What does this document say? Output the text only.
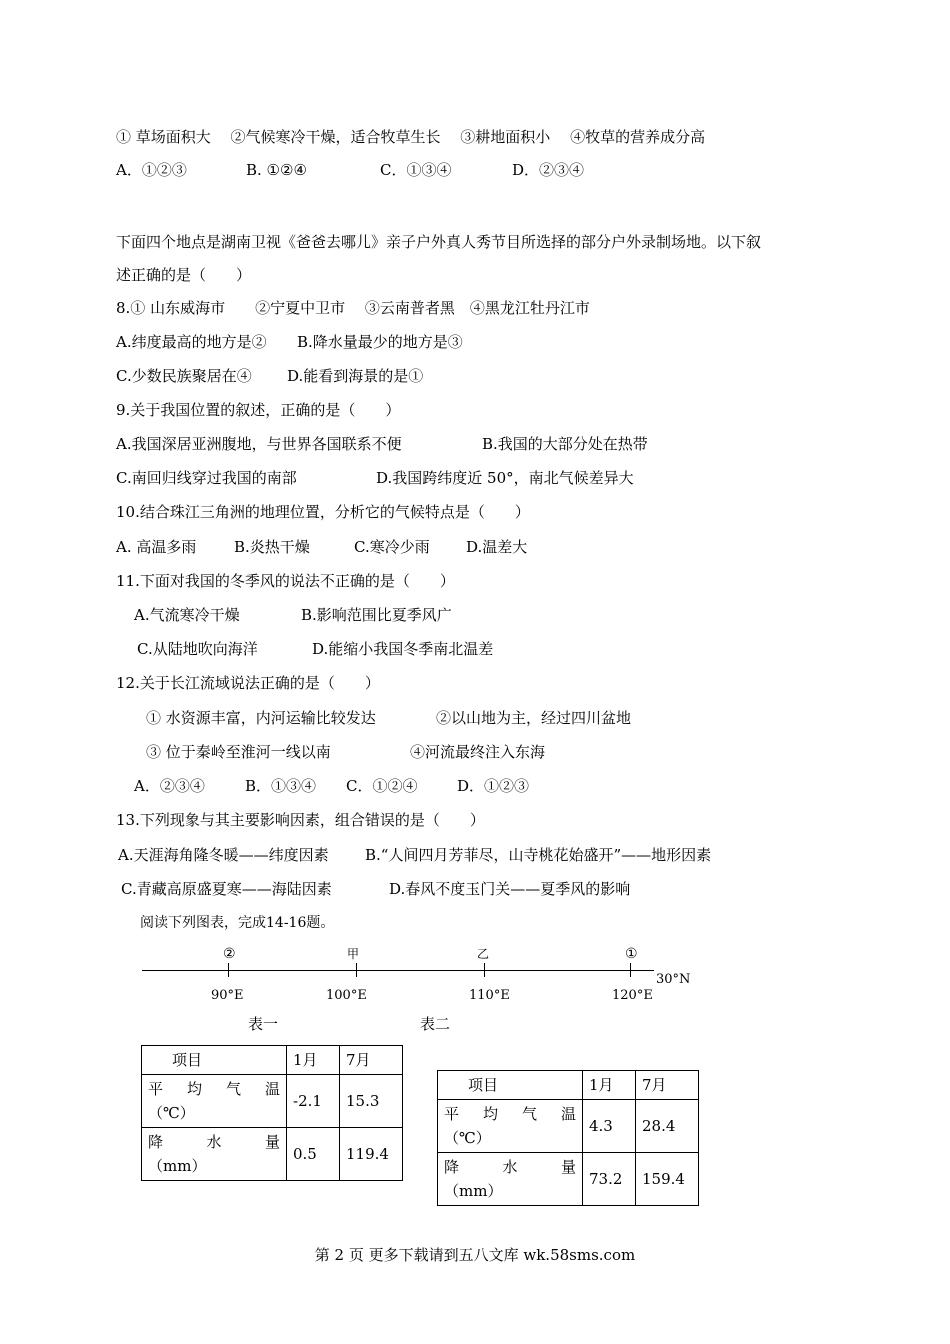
① 草场面积大　 ②气候寒冷干燥，适合牧草生长　 ③耕地面积小　 ④牧草的营养成分高
A．①②③	B. ①②④	C．①③④	D．②③④
下面四个地点是湖南卫视《爸爸去哪儿》亲子户外真人秀节目所选择的部分户外录制场地。以下叙
述正确的是（　　）
8.① 山东威海市　　②宁夏中卫市　 ③云南普者黑　④黑龙江牡丹江市
A.纬度最高的地方是② B.降水量最少的地方是③
C.少数民族聚居在④ D.能看到海景的是①
9.关于我国位置的叙述，正确的是（　　）
A.我国深居亚洲腹地，与世界各国联系不便	B.我国的大部分处在热带
C.南回归线穿过我国的南部	D.我国跨纬度近 50°，南北气候差异大
10.结合珠江三角洲的地理位置，分析它的气候特点是（　　）
A. 高温多雨	B.炎热干燥	C.寒冷少雨 D.温差大
11.下面对我国的冬季风的说法不正确的是（　　）
A.气流寒冷干燥	B.影响范围比夏季风广
C.从陆地吹向海洋	D.能缩小我国冬季南北温差
12.关于长江流域说法正确的是（　　）
① 水资源丰富，内河运输比较发达	②以山地为主，经过四川盆地
③ 位于秦岭至淮河一线以南	④河流最终注入东海
A．②③④	B．①③④ C．①②④	D．①②③
13.下列现象与其主要影响因素，组合错误的是（　　）
A.天涯海角隆冬暖——纬度因素 B.“人间四月芳菲尽，山寺桃花始盛开”——地形因素
C.青藏高原盛夏寒——海陆因素	D.春风不度玉门关——夏季风的影响
阅读下列图表，完成14-16题。
②	甲	乙	①
90°E	100°E	110°E	120°E
30°N
表一	表二
项目	1月	7月

平 均 气 温
（℃）	-2.1	15.3

降 水 量
（mm）	0.5	119.4
项目	1月	7月

平 均 气 温
（℃）	4.3	28.4

降 水 量
（mm）	73.2	159.4
第 2 页 更多下载请到五八文库 wk.58sms.com
